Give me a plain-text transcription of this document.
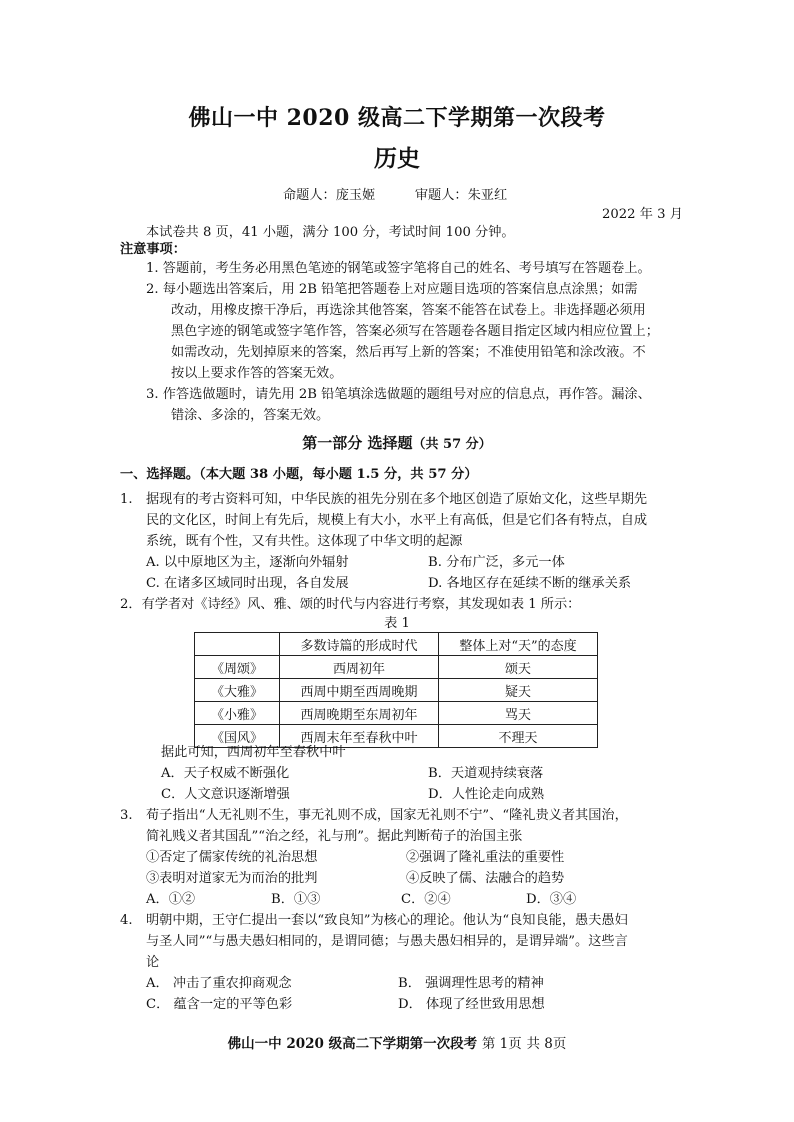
佛山一中 2020 级高二下学期第一次段考
历史
命题人：庞玉姬　　　审题人：朱亚红
2022 年 3 月
本试卷共 8 页，41 小题，满分 100 分，考试时间 100 分钟。
注意事项：
1. 答题前，考生务必用黑色笔迹的钢笔或签字笔将自己的姓名、考号填写在答题卷上。
2. 每小题选出答案后，用 2B 铅笔把答题卷上对应题目选项的答案信息点涂黑；如需
改动，用橡皮擦干净后，再选涂其他答案，答案不能答在试卷上。非选择题必须用
黑色字迹的钢笔或签字笔作答，答案必须写在答题卷各题目指定区域内相应位置上；
如需改动，先划掉原来的答案，然后再写上新的答案；不准使用铅笔和涂改液。不
按以上要求作答的答案无效。
3. 作答选做题时，请先用 2B 铅笔填涂选做题的题组号对应的信息点，再作答。漏涂、
错涂、多涂的，答案无效。
第一部分 选择题（共 57 分）
一、选择题。（本大题 38 小题，每小题 1.5 分，共 57 分）
1. 据现有的考古资料可知，中华民族的祖先分别在多个地区创造了原始文化，这些早期先
民的文化区，时间上有先后，规模上有大小，水平上有高低，但是它们各有特点，自成
系统，既有个性，又有共性。这体现了中华文明的起源
A. 以中原地区为主，逐渐向外辐射	B. 分布广泛，多元一体
C. 在诸多区域同时出现，各自发展	D. 各地区存在延续不断的继承关系
2．有学者对《诗经》风、雅、颂的时代与内容进行考察，其发现如表 1 所示：
表 1
	多数诗篇的形成时代	整体上对“天”的态度
《周颂》	西周初年	颂天
《大雅》	西周中期至西周晚期	疑天
《小雅》	西周晚期至东周初年	骂天
《国风》	西周末年至春秋中叶	不理天
据此可知，西周初年至春秋中叶
A．天子权威不断强化	B．天道观持续衰落
C．人文意识逐渐增强	D．人性论走向成熟
3. 荀子指出“人无礼则不生，事无礼则不成，国家无礼则不宁”、“隆礼贵义者其国治，
简礼贱义者其国乱”“治之经，礼与刑”。据此判断荀子的治国主张
①否定了儒家传统的礼治思想	②强调了隆礼重法的重要性
③表明对道家无为而治的批判	④反映了儒、法融合的趋势
A．①②	B．①③	C．②④	D．③④
4. 明朝中期，王守仁提出一套以“致良知”为核心的理论。他认为“良知良能，愚夫愚妇
与圣人同”“与愚夫愚妇相同的，是谓同德；与愚夫愚妇相异的，是谓异端”。这些言
论
A． 冲击了重农抑商观念	B． 强调理性思考的精神
C． 蕴含一定的平等色彩	D． 体现了经世致用思想
佛山一中 2020 级高二下学期第一次段考 第 1页 共 8页
